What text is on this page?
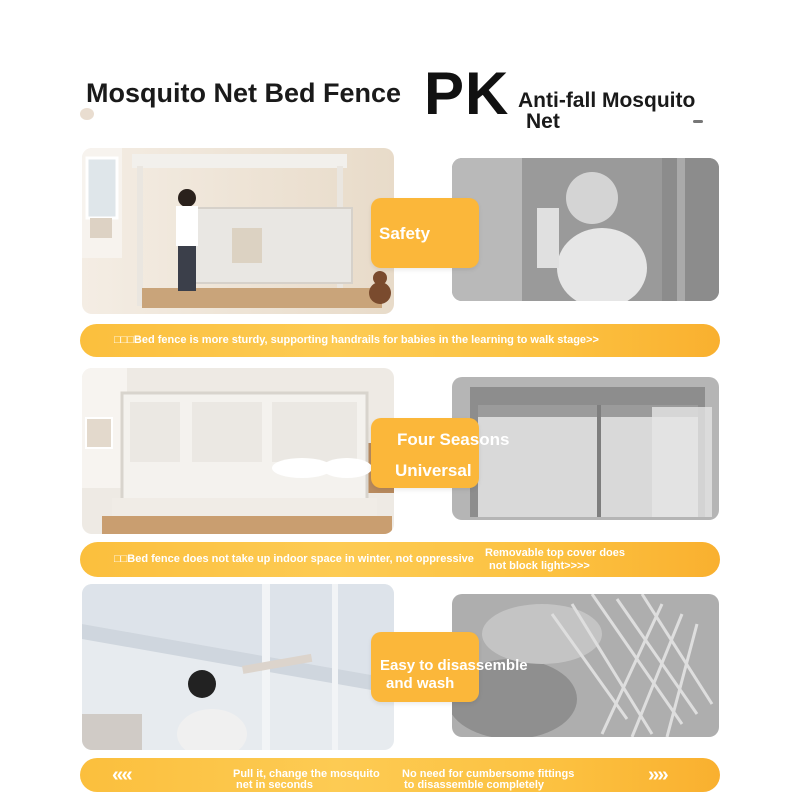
Mosquito Net Bed Fence PK Anti-fall Mosquito
Net
Safety
□□□Bed fence is more sturdy, supporting handrails for babies in the learning to walk stage>>
Four Seasons
Universal
□□Bed fence does not take up indoor space in winter, not oppressive Removable top cover does
not block light>>>>
Easy to disassemble
and wash
‹‹‹‹	Pull it, change the mosquito
net in seconds
No need for cumbersome fittings
to disassemble completely	››››
